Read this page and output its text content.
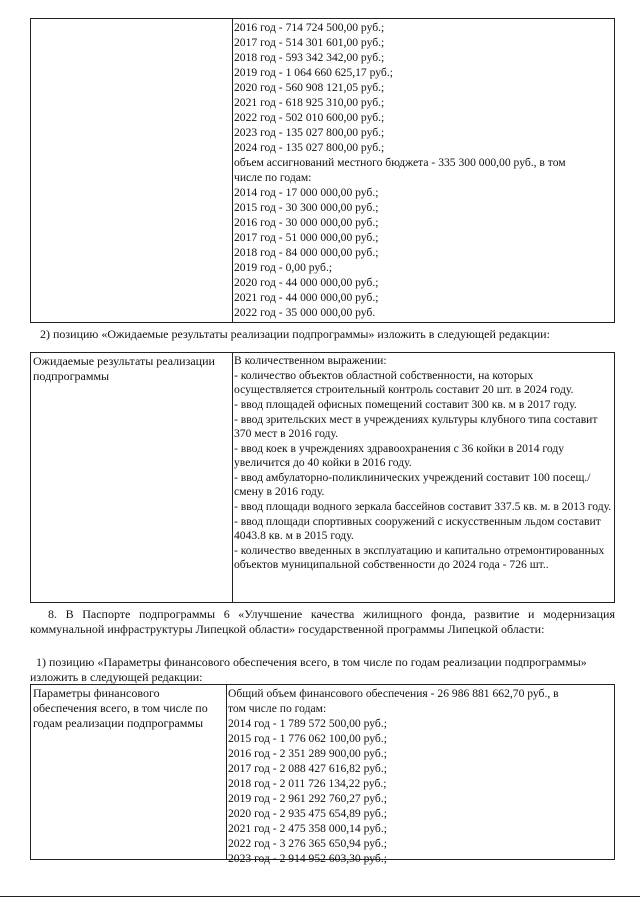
2016 год - 714 724 500,00 руб.;
2017 год - 514 301 601,00 руб.;
2018 год - 593 342 342,00 руб.;
2019 год - 1 064 660 625,17 руб.;
2020 год - 560 908 121,05 руб.;
2021 год - 618 925 310,00 руб.;
2022 год - 502 010 600,00 руб.;
2023 год - 135 027 800,00 руб.;
2024 год - 135 027 800,00 руб.;
объем ассигнований местного бюджета - 335 300 000,00 руб., в том
числе по годам:
2014 год - 17 000 000,00 руб.;
2015 год - 30 300 000,00 руб.;
2016 год - 30 000 000,00 руб.;
2017 год - 51 000 000,00 руб.;
2018 год - 84 000 000,00 руб.;
2019 год - 0,00 руб.;
2020 год - 44 000 000,00 руб.;
2021 год - 44 000 000,00 руб.;
2022 год - 35 000 000,00 руб.
2) позицию «Ожидаемые результаты реализации подпрограммы» изложить в следующей редакции:
Ожидаемые результаты реализации подпрограммы
В количественном выражении:
- количество объектов областной собственности, на которых осуществляется строительный контроль составит 20 шт. в 2024 году.
- ввод площадей офисных помещений составит 300 кв. м в 2017 году.
- ввод зрительских мест в учреждениях культуры клубного типа составит 370 мест в 2016 году.
- ввод коек в учреждениях здравоохранения с 36 койки в 2014 году увеличится до 40 койки в 2016 году.
- ввод амбулаторно-поликлинических учреждений составит 100 посещ./смену в 2016 году.
- ввод площади водного зеркала бассейнов составит 337.5 кв. м. в 2013 году.
- ввод площади спортивных сооружений с искусственным льдом составит 4043.8 кв. м в 2015 году.
- количество введенных в эксплуатацию и капитально отремонтированных объектов муниципальной собственности до 2024 года - 726 шт..
8. В Паспорте подпрограммы 6 «Улучшение качества жилищного фонда, развитие и модернизация коммунальной инфраструктуры Липецкой области» государственной программы Липецкой области:
1) позицию «Параметры финансового обеспечения всего, в том числе по годам реализации подпрограммы» изложить в следующей редакции:
Параметры финансового обеспечения всего, в том числе по годам реализации подпрограммы
Общий объем финансового обеспечения - 26 986 881 662,70 руб., в
том числе по годам:
2014 год - 1 789 572 500,00 руб.;
2015 год - 1 776 062 100,00 руб.;
2016 год - 2 351 289 900,00 руб.;
2017 год - 2 088 427 616,82 руб.;
2018 год - 2 011 726 134,22 руб.;
2019 год - 2 961 292 760,27 руб.;
2020 год - 2 935 475 654,89 руб.;
2021 год - 2 475 358 000,14 руб.;
2022 год - 3 276 365 650,94 руб.;
2023 год - 2 914 952 603,30 руб.;
